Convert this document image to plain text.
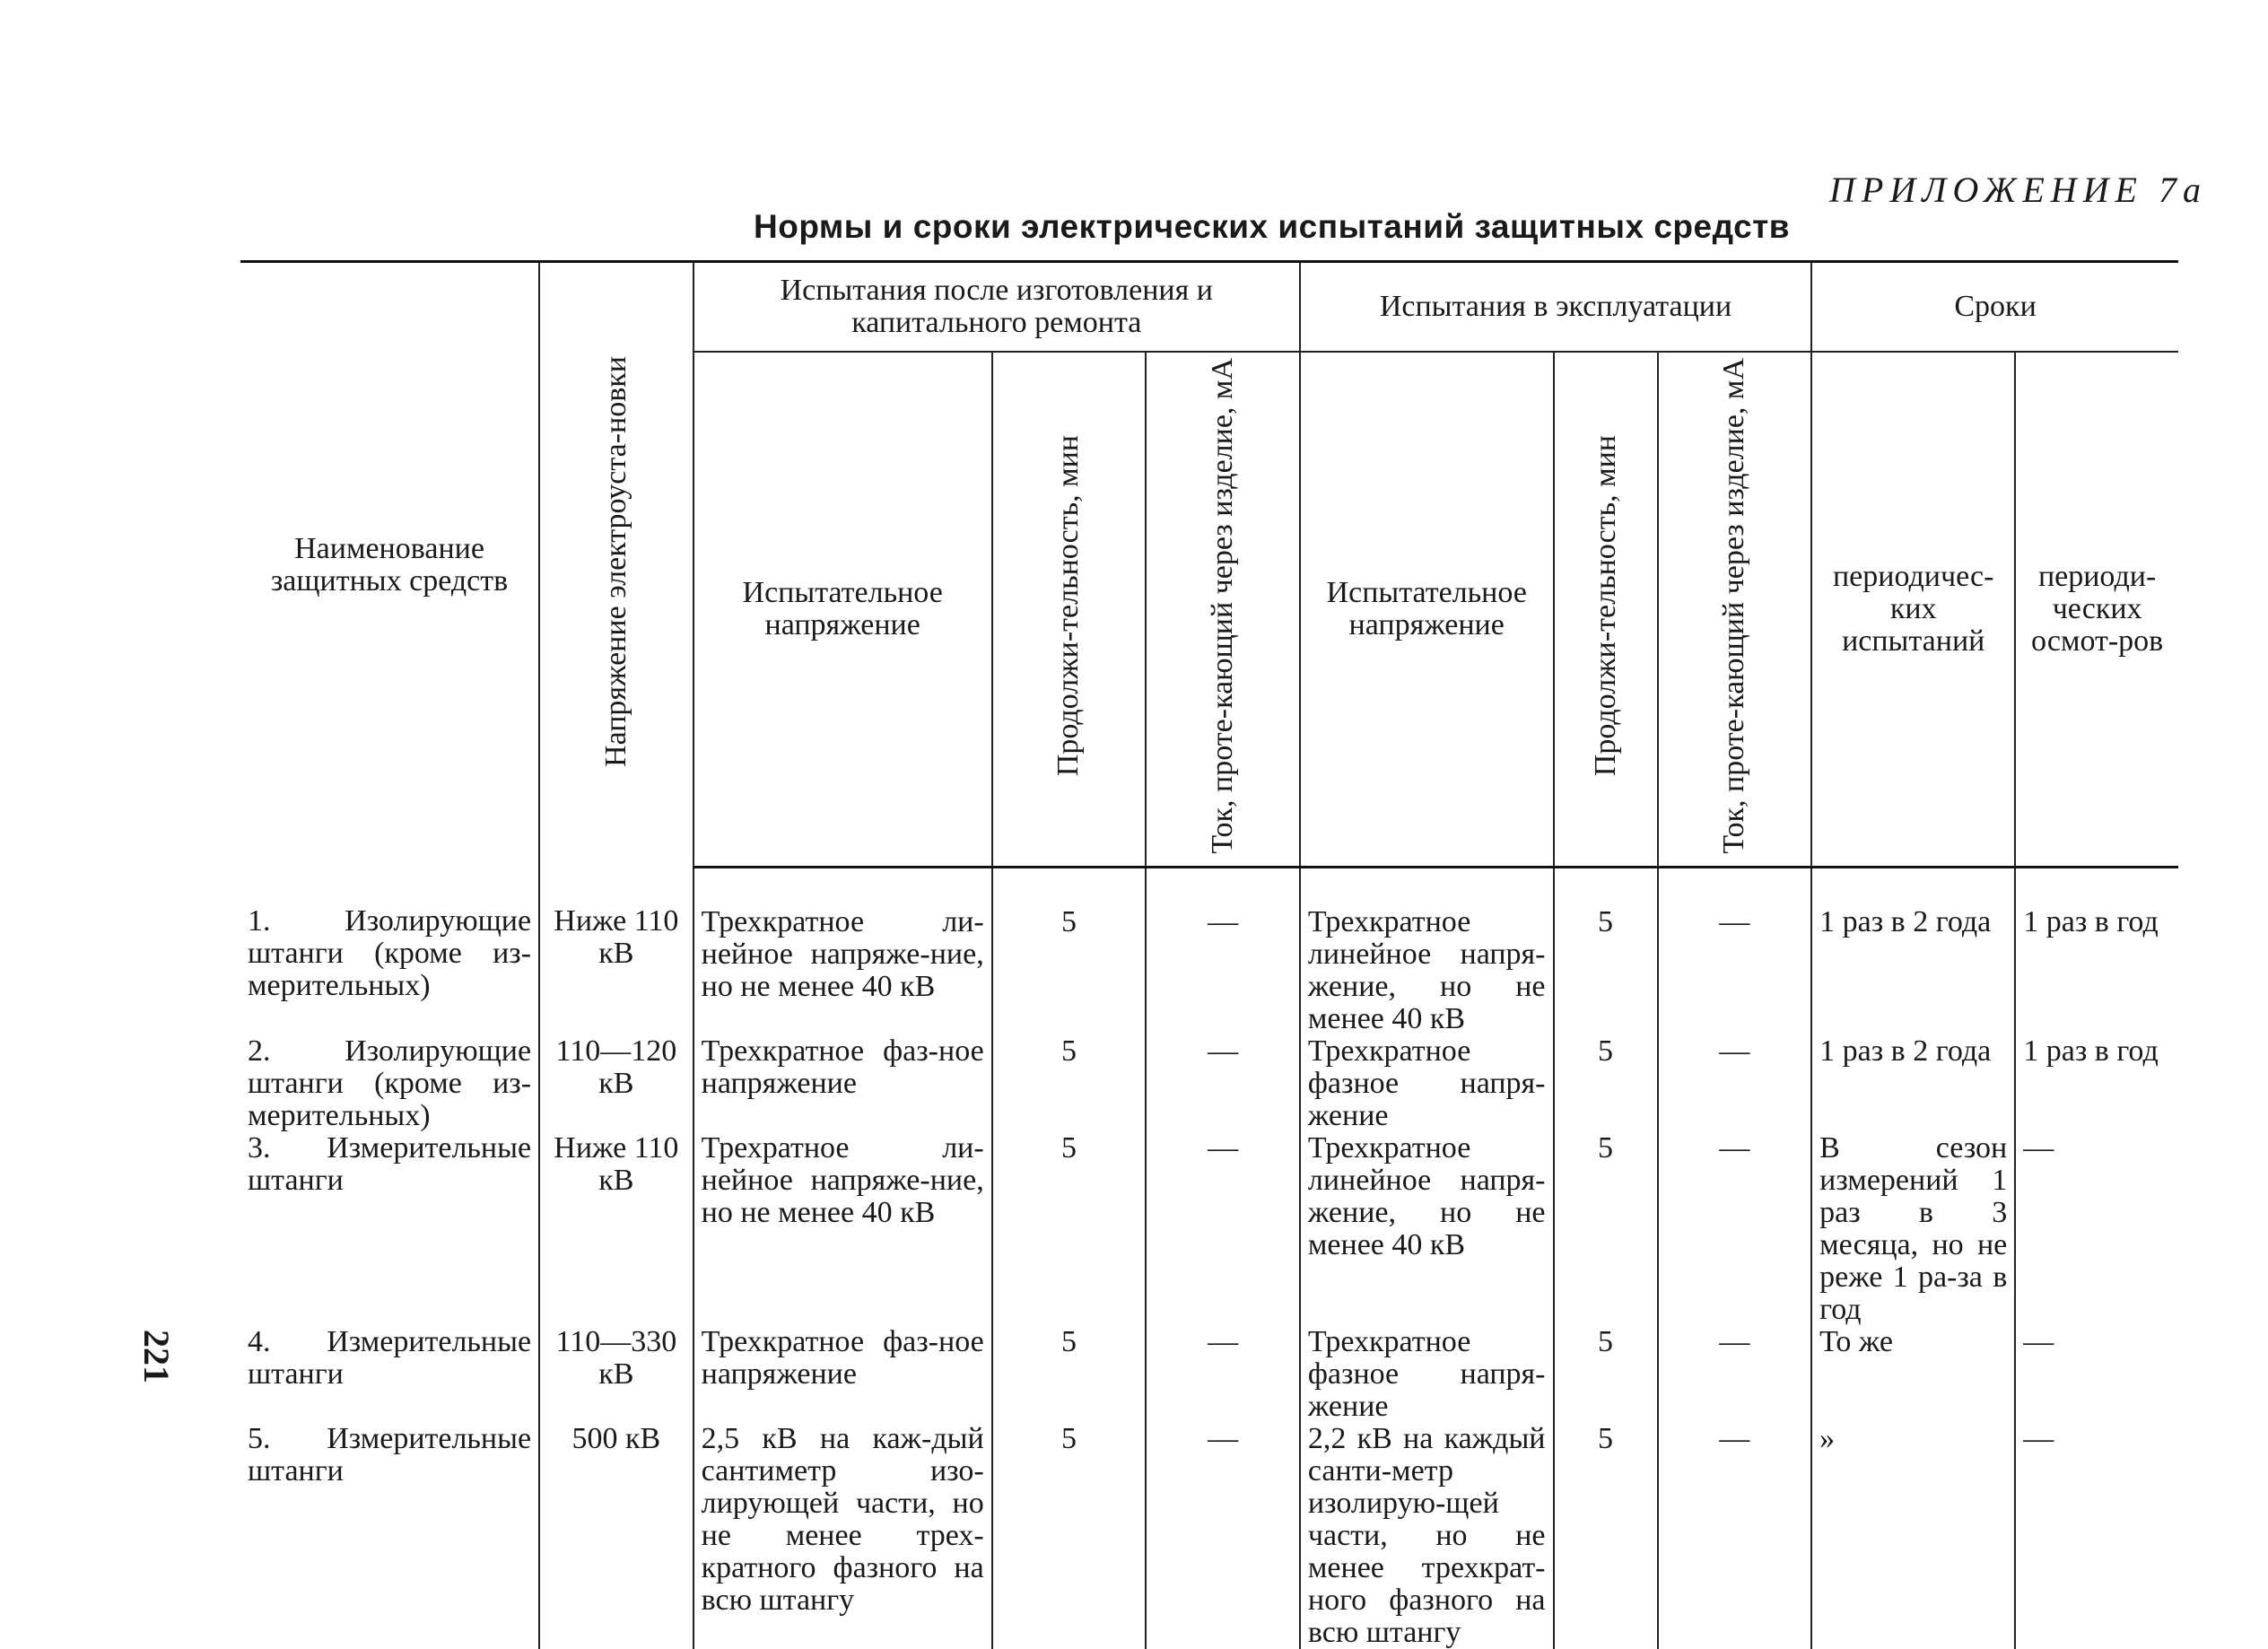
ПРИЛОЖЕНИЕ 7а
Нормы и сроки электрических испытаний защитных средств
221
Наименование защитных средств	Напряжение электроуста-новки	Испытания после изготовления и капитального ремонта			Испытания в эксплуатации			Сроки	
		Испытательное напряжение	Продолжи-тельность, мин	Ток, проте-кающий через изделие, мА	Испытательное напряжение	Продолжи-тельность, мин	Ток, проте-кающий через изделие, мА	периодичес-ких испытаний	периоди-ческих осмот-ров
1. Изолирующие штанги (кроме из-мерительных)	Ниже 110 кВ	Трехкратное ли-нейное напряже-ние, но не менее 40 кВ	5	—	Трехкратное линейное напря-жение, но не менее 40 кВ	5	—	1 раз в 2 года	1 раз в год
2. Изолирующие штанги (кроме из-мерительных)	110—120 кВ	Трехкратное фаз-ное напряжение	5	—	Трехкратное фазное напря-жение	5	—	1 раз в 2 года	1 раз в год
3. Измерительные штанги	Ниже 110 кВ	Трехратное ли-нейное напряже-ние, но не менее 40 кВ	5	—	Трехкратное линейное напря-жение, но не менее 40 кВ	5	—	В сезон измерений 1 раз в 3 месяца, но не реже 1 ра-за в год	—
4. Измерительные штанги	110—330 кВ	Трехкратное фаз-ное напряжение	5	—	Трехкратное фазное напря-жение	5	—	То же	—
5. Измерительные штанги	500 кВ	2,5 кВ на каж-дый сантиметр изо-лирующей части, но не менее трех-кратного фазного на всю штангу	5	—	2,2 кВ на каждый санти-метр изолирую-щей части, но не менее трехкрат-ного фазного на всю штангу	5	—	»	—
